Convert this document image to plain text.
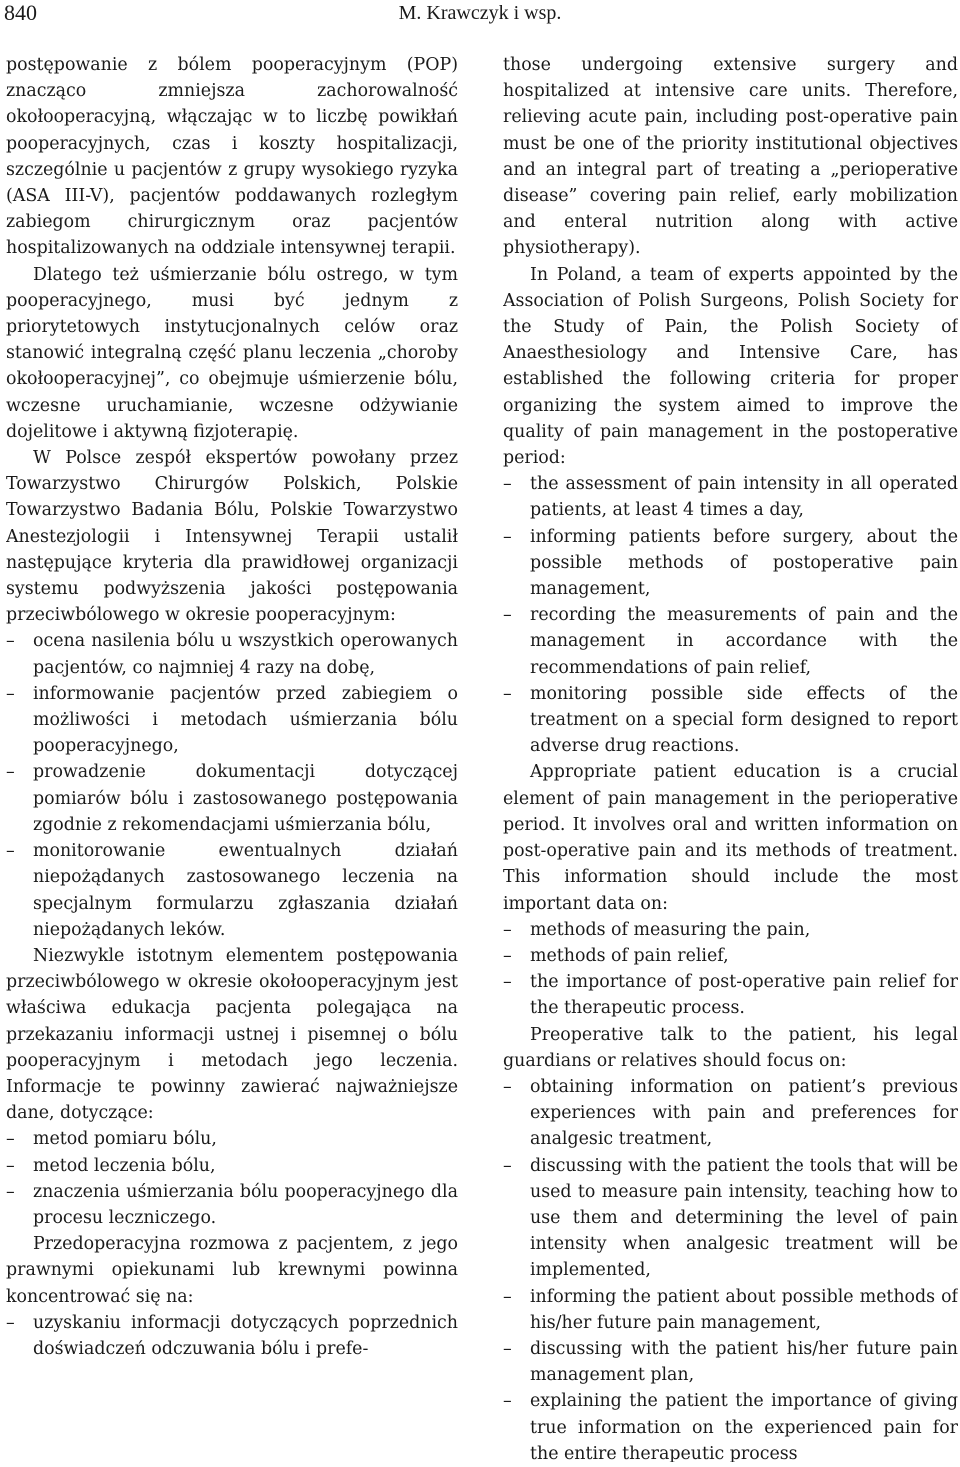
840	M. Krawczyk i wsp.

postępowanie z bólem pooperacyjnym (POP) znacząco zmniejsza zachorowalność okołooperacyjną, włączając w to liczbę powikłań pooperacyjnych, czas i koszty hospitalizacji, szczególnie u pacjentów z grupy wysokiego ryzyka (ASA III-V), pacjentów poddawanych rozległym zabiegom chirurgicznym oraz pacjentów hospitalizowanych na oddziale intensywnej terapii.

Dlatego też uśmierzanie bólu ostrego, w tym pooperacyjnego, musi być jednym z priorytetowych instytucjonalnych celów oraz stanowić integralną część planu leczenia „choroby okołooperacyjnej”, co obejmuje uśmierzenie bólu, wczesne uruchamianie, wczesne odżywianie dojelitowe i aktywną fizjoterapię.

W Polsce zespół ekspertów powołany przez Towarzystwo Chirurgów Polskich, Polskie Towarzystwo Badania Bólu, Polskie Towarzystwo Anestezjologii i Intensywnej Terapii ustalił następujące kryteria dla prawidłowej organizacji systemu podwyższenia jakości postępowania przeciwbólowego w okresie pooperacyjnym:

– ocena nasilenia bólu u wszystkich operowanych pacjentów, co najmniej 4 razy na dobę,
– informowanie pacjentów przed zabiegiem o możliwości i metodach uśmierzania bólu pooperacyjnego,
– prowadzenie dokumentacji dotyczącej pomiarów bólu i zastosowanego postępowania zgodnie z rekomendacjami uśmierzania bólu,
– monitorowanie ewentualnych działań niepożądanych zastosowanego leczenia na specjalnym formularzu zgłaszania działań niepożądanych leków.

Niezwykle istotnym elementem postępowania przeciwbólowego w okresie okołooperacyjnym jest właściwa edukacja pacjenta polegająca na przekazaniu informacji ustnej i pisemnej o bólu pooperacyjnym i metodach jego leczenia. Informacje te powinny zawierać najważniejsze dane, dotyczące:

– metod pomiaru bólu,
– metod leczenia bólu,
– znaczenia uśmierzania bólu pooperacyjnego dla procesu leczniczego.

Przedoperacyjna rozmowa z pacjentem, z jego prawnymi opiekunami lub krewnymi powinna koncentrować się na:

– uzyskaniu informacji dotyczących poprzednich doświadczeń odczuwania bólu i prefe-

those undergoing extensive surgery and hospitalized at intensive care units. Therefore, relieving acute pain, including post-operative pain must be one of the priority institutional objectives and an integral part of treating a „perioperative disease” covering pain relief, early mobilization and enteral nutrition along with active physiotherapy).

In Poland, a team of experts appointed by the Association of Polish Surgeons, Polish Society for the Study of Pain, the Polish Society of Anaesthesiology and Intensive Care, has established the following criteria for proper organizing the system aimed to improve the quality of pain management in the postoperative period:

– the assessment of pain intensity in all operated patients, at least 4 times a day,
– informing patients before surgery, about the possible methods of postoperative pain management,
– recording the measurements of pain and the management in accordance with the recommendations of pain relief,
– monitoring possible side effects of the treatment on a special form designed to report adverse drug reactions.

Appropriate patient education is a crucial element of pain management in the perioperative period. It involves oral and written information on post-operative pain and its methods of treatment. This information should include the most important data on:

– methods of measuring the pain,
– methods of pain relief,
– the importance of post-operative pain relief for the therapeutic process.

Preoperative talk to the patient, his legal guardians or relatives should focus on:

– obtaining information on patient’s previous experiences with pain and preferences for analgesic treatment,
– discussing with the patient the tools that will be used to measure pain intensity, teaching how to use them and determining the level of pain intensity when analgesic treatment will be implemented,
– informing the patient about possible methods of his/her future pain management,
– discussing with the patient his/her future pain management plan,
– explaining the patient the importance of giving true information on the experienced pain for the entire therapeutic process
